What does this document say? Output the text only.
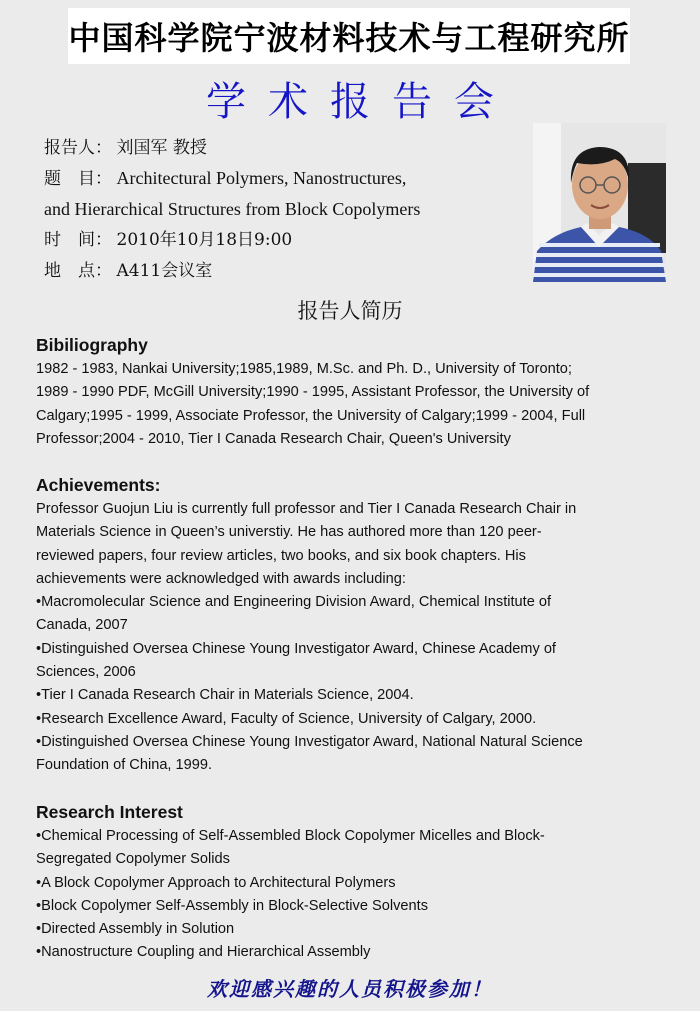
中国科学院宁波材料技术与工程研究所
学术报告会
报告人： 刘国军 教授
题　目： Architectural Polymers, Nanostructures,
and Hierarchical Structures from Block Copolymers
时　间： 2010年10月18日9:00
地　点： A411会议室
报告人简历
Bibiliography
1982 - 1983, Nankai University;1985,1989, M.Sc. and Ph. D., University of Toronto;
1989 - 1990 PDF, McGill University;1990 - 1995, Assistant Professor, the University of
Calgary;1995 - 1999, Associate Professor, the University of Calgary;1999 - 2004, Full
Professor;2004 - 2010, Tier I Canada Research Chair, Queen's University
Achievements:
Professor Guojun Liu is currently full professor and Tier I Canada Research Chair in
Materials Science in Queen’s universtiy. He has authored more than 120 peer-
reviewed papers, four review articles, two books, and six book chapters. His
achievements were acknowledged with awards including:
•Macromolecular Science and Engineering Division Award, Chemical Institute of
Canada, 2007
•Distinguished Oversea Chinese Young Investigator Award, Chinese Academy of
Sciences, 2006
•Tier I Canada Research Chair in Materials Science, 2004.
•Research Excellence Award, Faculty of Science, University of Calgary, 2000.
•Distinguished Oversea Chinese Young Investigator Award, National Natural Science
Foundation of China, 1999.
Research Interest
•Chemical Processing of Self-Assembled Block Copolymer Micelles and Block-
Segregated Copolymer Solids
•A Block Copolymer Approach to Architectural Polymers
•Block Copolymer Self-Assembly in Block-Selective Solvents
•Directed Assembly in Solution
•Nanostructure Coupling and Hierarchical Assembly
欢迎感兴趣的人员积极参加！
